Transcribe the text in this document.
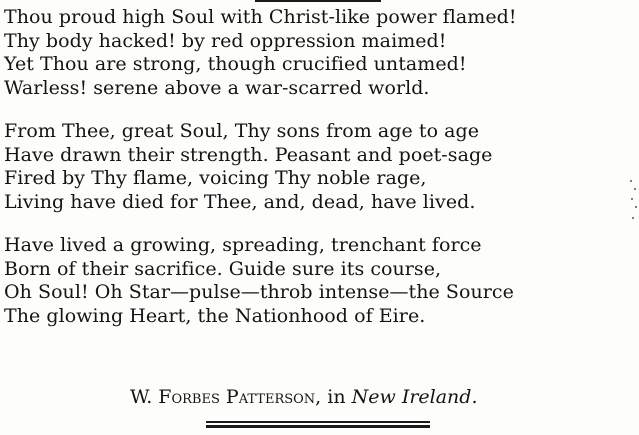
Thou proud high Soul with Christ-like power flamed!
Thy body hacked! by red oppression maimed!
Yet Thou are strong, though crucified untamed!
Warless! serene above a war-scarred world.
From Thee, great Soul, Thy sons from age to age
Have drawn their strength. Peasant and poet-sage
Fired by Thy flame, voicing Thy noble rage,
Living have died for Thee, and, dead, have lived.
Have lived a growing, spreading, trenchant force
Born of their sacrifice. Guide sure its course,
Oh Soul! Oh Star—pulse—throb intense—the Source
The glowing Heart, the Nationhood of Eire.
W. Forbes Patterson, in New Ireland.
